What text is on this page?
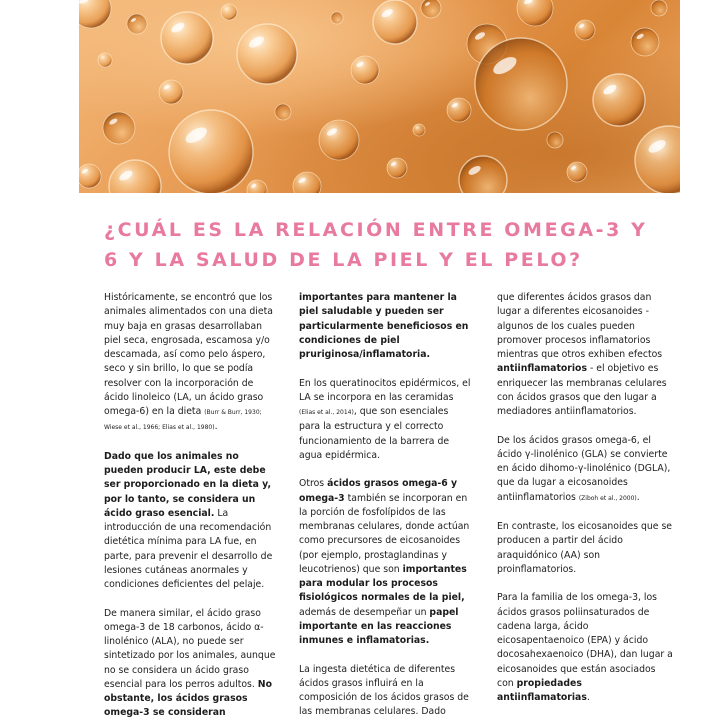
¿CUÁL ES LA RELACIÓN ENTRE OMEGA-3 Y 6 Y LA SALUD DE LA PIEL Y EL PELO?

Históricamente, se encontró que los animales alimentados con una dieta muy baja en grasas desarrollaban piel seca, engrosada, escamosa y/o descamada, así como pelo áspero, seco y sin brillo, lo que se podía resolver con la incorporación de ácido linoleico (LA, un ácido graso omega-6) en la dieta (Burr & Burr, 1930; Wiese et al., 1966; Elias et al., 1980).

Dado que los animales no pueden producir LA, este debe ser proporcionado en la dieta y, por lo tanto, se considera un ácido graso esencial. La introducción de una recomendación dietética mínima para LA fue, en parte, para prevenir el desarrollo de lesiones cutáneas anormales y condiciones deficientes del pelaje.

De manera similar, el ácido graso omega-3 de 18 carbonos, ácido α-linolénico (ALA), no puede ser sintetizado por los animales, aunque no se considera un ácido graso esencial para los perros adultos. No obstante, los ácidos grasos omega-3 se consideran

importantes para mantener la piel saludable y pueden ser particularmente beneficiosos en condiciones de piel pruriginosa/inflamatoria.

En los queratinocitos epidérmicos, el LA se incorpora en las ceramidas (Elias et al., 2014), que son esenciales para la estructura y el correcto funcionamiento de la barrera de agua epidérmica.

Otros ácidos grasos omega-6 y omega-3 también se incorporan en la porción de fosfolípidos de las membranas celulares, donde actúan como precursores de eicosanoides (por ejemplo, prostaglandinas y leucotrienos) que son importantes para modular los procesos fisiológicos normales de la piel, además de desempeñar un papel importante en las reacciones inmunes e inflamatorias.

La ingesta dietética de diferentes ácidos grasos influirá en la composición de los ácidos grasos de las membranas celulares. Dado

que diferentes ácidos grasos dan lugar a diferentes eicosanoides - algunos de los cuales pueden promover procesos inflamatorios mientras que otros exhiben efectos antiinflamatorios - el objetivo es enriquecer las membranas celulares con ácidos grasos que den lugar a mediadores antiinflamatorios.

De los ácidos grasos omega-6, el ácido γ-linolénico (GLA) se convierte en ácido dihomo-γ-linolénico (DGLA), que da lugar a eicosanoides antiinflamatorios (Ziboh et al., 2000).

En contraste, los eicosanoides que se producen a partir del ácido araquidónico (AA) son proinflamatorios.

Para la familia de los omega-3, los ácidos grasos poliinsaturados de cadena larga, ácido eicosapentaenoico (EPA) y ácido docosahexaenoico (DHA), dan lugar a eicosanoides que están asociados con propiedades antiinflamatorias.
